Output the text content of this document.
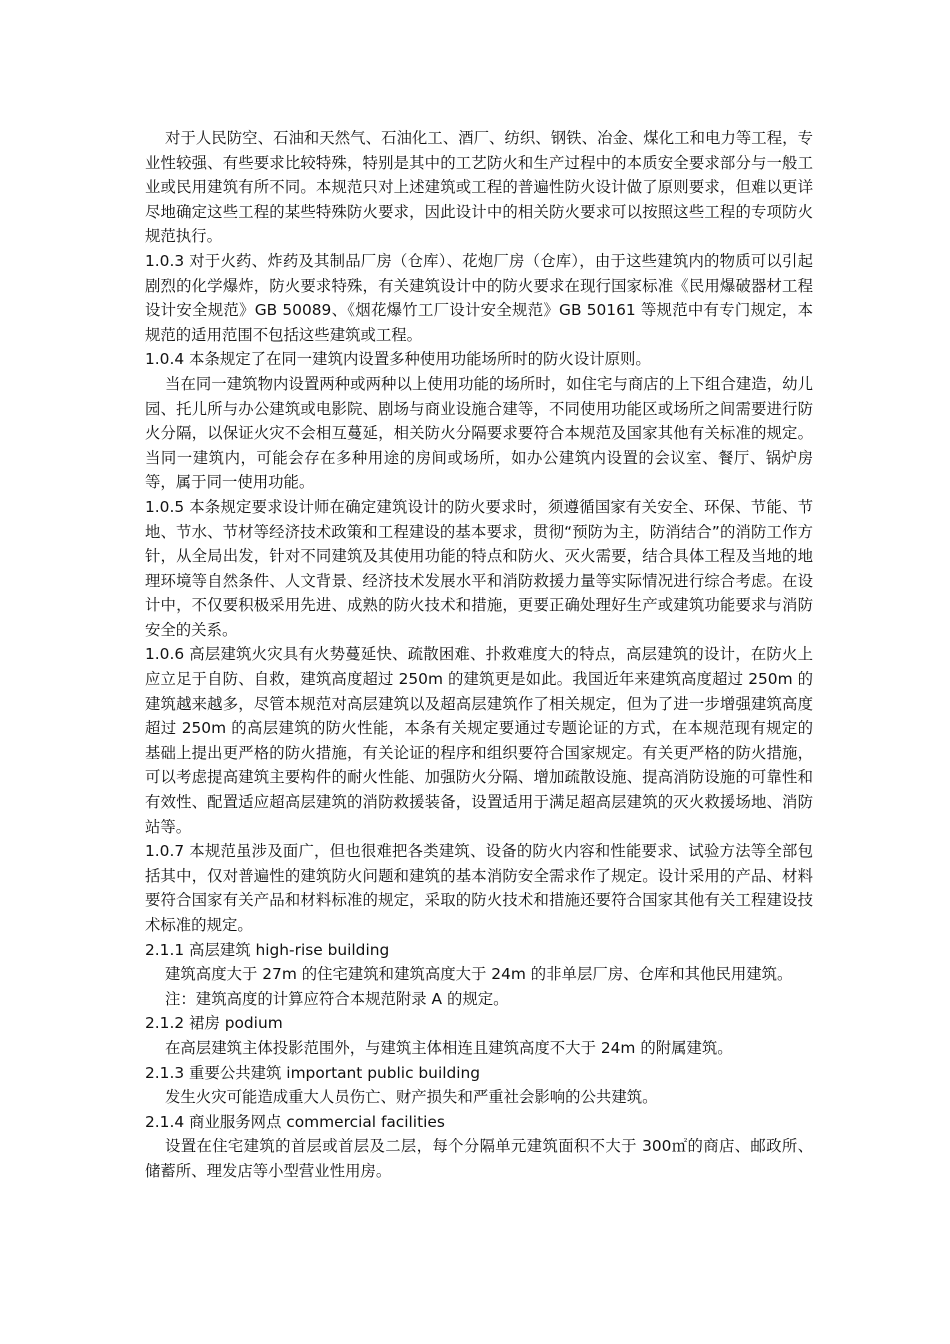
对于人民防空、石油和天然气、石油化工、酒厂、纺织、钢铁、冶金、煤化工和电力等工程，专业性较强、有些要求比较特殊，特别是其中的工艺防火和生产过程中的本质安全要求部分与一般工业或民用建筑有所不同。本规范只对上述建筑或工程的普遍性防火设计做了原则要求，但难以更详尽地确定这些工程的某些特殊防火要求，因此设计中的相关防火要求可以按照这些工程的专项防火规范执行。

1.0.3 对于火药、炸药及其制品厂房（仓库）、花炮厂房（仓库），由于这些建筑内的物质可以引起剧烈的化学爆炸，防火要求特殊，有关建筑设计中的防火要求在现行国家标准《民用爆破器材工程设计安全规范》GB 50089、《烟花爆竹工厂设计安全规范》GB 50161 等规范中有专门规定，本规范的适用范围不包括这些建筑或工程。

1.0.4 本条规定了在同一建筑内设置多种使用功能场所时的防火设计原则。

当在同一建筑物内设置两种或两种以上使用功能的场所时，如住宅与商店的上下组合建造，幼儿园、托儿所与办公建筑或电影院、剧场与商业设施合建等，不同使用功能区或场所之间需要进行防火分隔，以保证火灾不会相互蔓延，相关防火分隔要求要符合本规范及国家其他有关标准的规定。当同一建筑内，可能会存在多种用途的房间或场所，如办公建筑内设置的会议室、餐厅、锅炉房等，属于同一使用功能。

1.0.5 本条规定要求设计师在确定建筑设计的防火要求时，须遵循国家有关安全、环保、节能、节地、节水、节材等经济技术政策和工程建设的基本要求，贯彻“预防为主，防消结合”的消防工作方针，从全局出发，针对不同建筑及其使用功能的特点和防火、灭火需要，结合具体工程及当地的地理环境等自然条件、人文背景、经济技术发展水平和消防救援力量等实际情况进行综合考虑。在设计中，不仅要积极采用先进、成熟的防火技术和措施，更要正确处理好生产或建筑功能要求与消防安全的关系。

1.0.6 高层建筑火灾具有火势蔓延快、疏散困难、扑救难度大的特点，高层建筑的设计，在防火上应立足于自防、自救，建筑高度超过 250m 的建筑更是如此。我国近年来建筑高度超过 250m 的建筑越来越多，尽管本规范对高层建筑以及超高层建筑作了相关规定，但为了进一步增强建筑高度超过 250m 的高层建筑的防火性能，本条有关规定要通过专题论证的方式，在本规范现有规定的基础上提出更严格的防火措施，有关论证的程序和组织要符合国家规定。有关更严格的防火措施，可以考虑提高建筑主要构件的耐火性能、加强防火分隔、增加疏散设施、提高消防设施的可靠性和有效性、配置适应超高层建筑的消防救援装备，设置适用于满足超高层建筑的灭火救援场地、消防站等。

1.0.7 本规范虽涉及面广，但也很难把各类建筑、设备的防火内容和性能要求、试验方法等全部包括其中，仅对普遍性的建筑防火问题和建筑的基本消防安全需求作了规定。设计采用的产品、材料要符合国家有关产品和材料标准的规定，采取的防火技术和措施还要符合国家其他有关工程建设技术标准的规定。

2.1.1 高层建筑 high-rise building

建筑高度大于 27m 的住宅建筑和建筑高度大于 24m 的非单层厂房、仓库和其他民用建筑。

注：建筑高度的计算应符合本规范附录 A 的规定。

2.1.2 裙房 podium

在高层建筑主体投影范围外，与建筑主体相连且建筑高度不大于 24m 的附属建筑。

2.1.3 重要公共建筑 important public building

发生火灾可能造成重大人员伤亡、财产损失和严重社会影响的公共建筑。

2.1.4 商业服务网点 commercial facilities

设置在住宅建筑的首层或首层及二层，每个分隔单元建筑面积不大于 300㎡的商店、邮政所、储蓄所、理发店等小型营业性用房。
